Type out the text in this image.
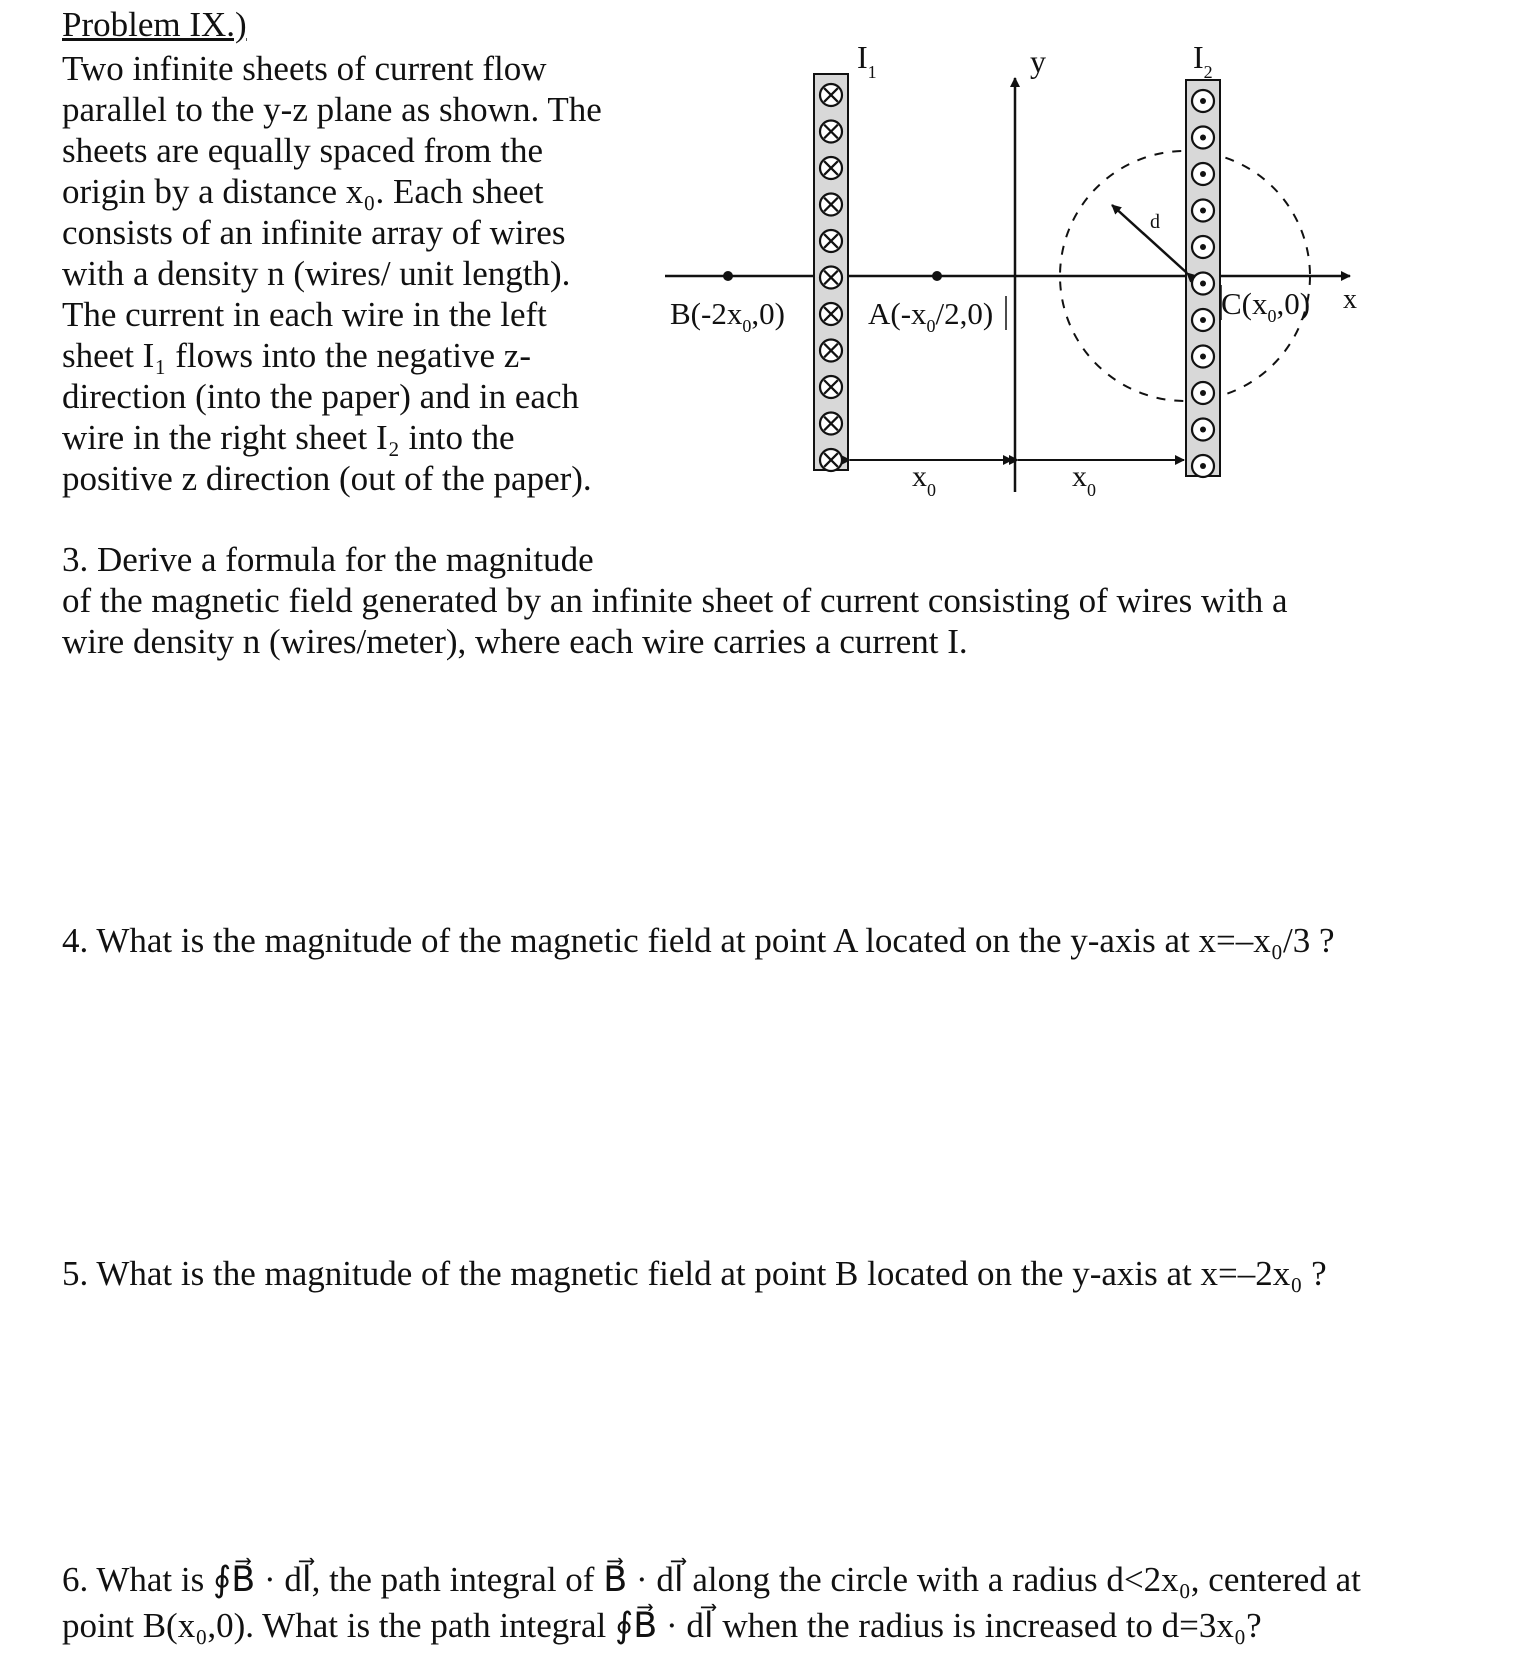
Problem IX.)
Two infinite sheets of current flow
parallel to the y-z plane as shown. The
sheets are equally spaced from the
origin by a distance x₀. Each sheet
consists of an infinite array of wires
with a density n (wires/ unit length).
The current in each wire in the left
sheet I₁ flows into the negative z-
direction (into the paper) and in each
wire in the right sheet I₂ into the
positive z direction (out of the paper).
d
$I_1$	$I_2$
y
x
$B(-2x_0,0)$	$A(-x_0/2,0)$	$C(x_0,0)$
$x_0$	$x_0$
3. Derive a formula for the magnitude
of the magnetic field generated by an infinite sheet of current consisting of wires with a
wire density n (wires/meter), where each wire carries a current I.
4. What is the magnitude of the magnetic field at point A located on the y-axis at x=–x₀/3 ?
5. What is the magnitude of the magnetic field at point B located on the y-axis at x=–2x₀ ?
6. What is ∮B⃗ · dl⃗, the path integral of B⃗ · dl⃗ along the circle with a radius d<2x₀, centered at
point B(x₀,0). What is the path integral ∮B⃗ · dl⃗ when the radius is increased to d=3x₀?
